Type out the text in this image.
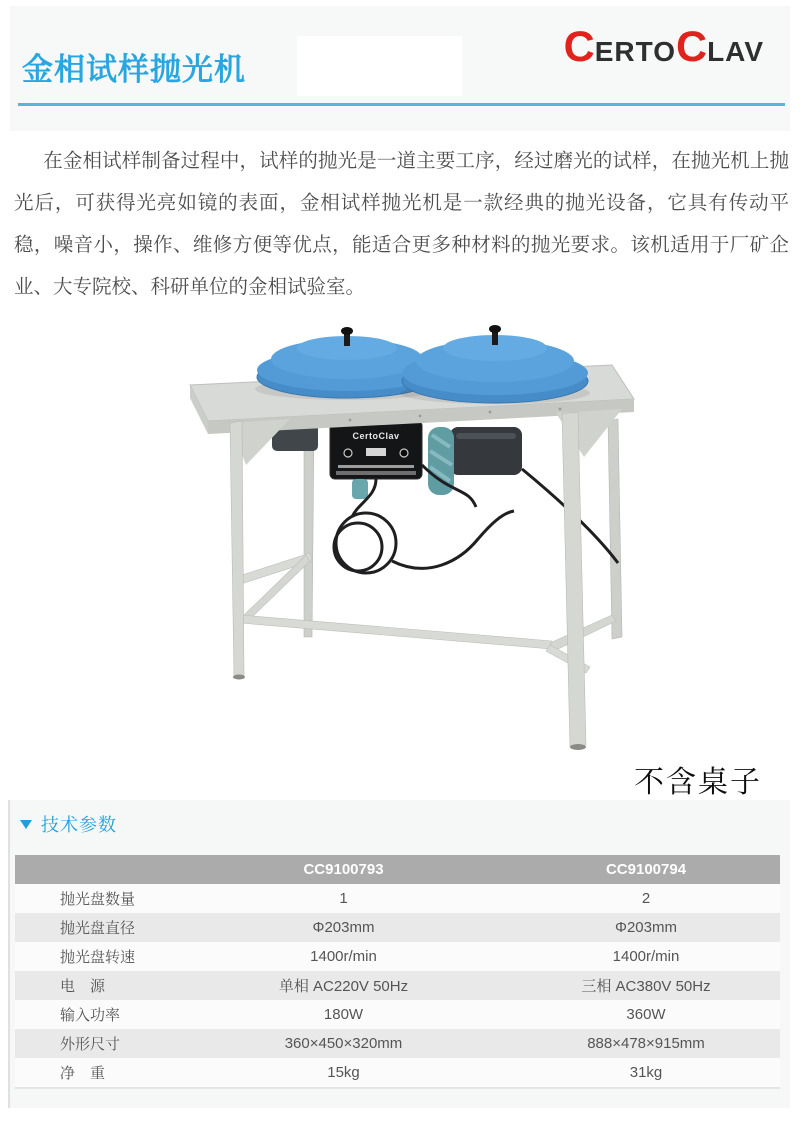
金相试样抛光机	CERTOCLAV

在金相试样制备过程中，试样的抛光是一道主要工序，经过磨光的试样，在抛光机上抛光后，可获得光亮如镜的表面，金相试样抛光机是一款经典的抛光设备，它具有传动平稳，噪音小，操作、维修方便等优点，能适合更多种材料的抛光要求。该机适用于厂矿企业、大专院校、科研单位的金相试验室。

CertoClav
不含桌子
技术参数
	CC9100793	CC9100794
抛光盘数量	1	2
抛光盘直径	Φ203mm	Φ203mm
抛光盘转速	1400r/min	1400r/min
电　源	单相 AC220V 50Hz	三相 AC380V 50Hz
输入功率	180W	360W
外形尺寸	360×450×320mm	888×478×915mm
净　重	15kg	31kg
